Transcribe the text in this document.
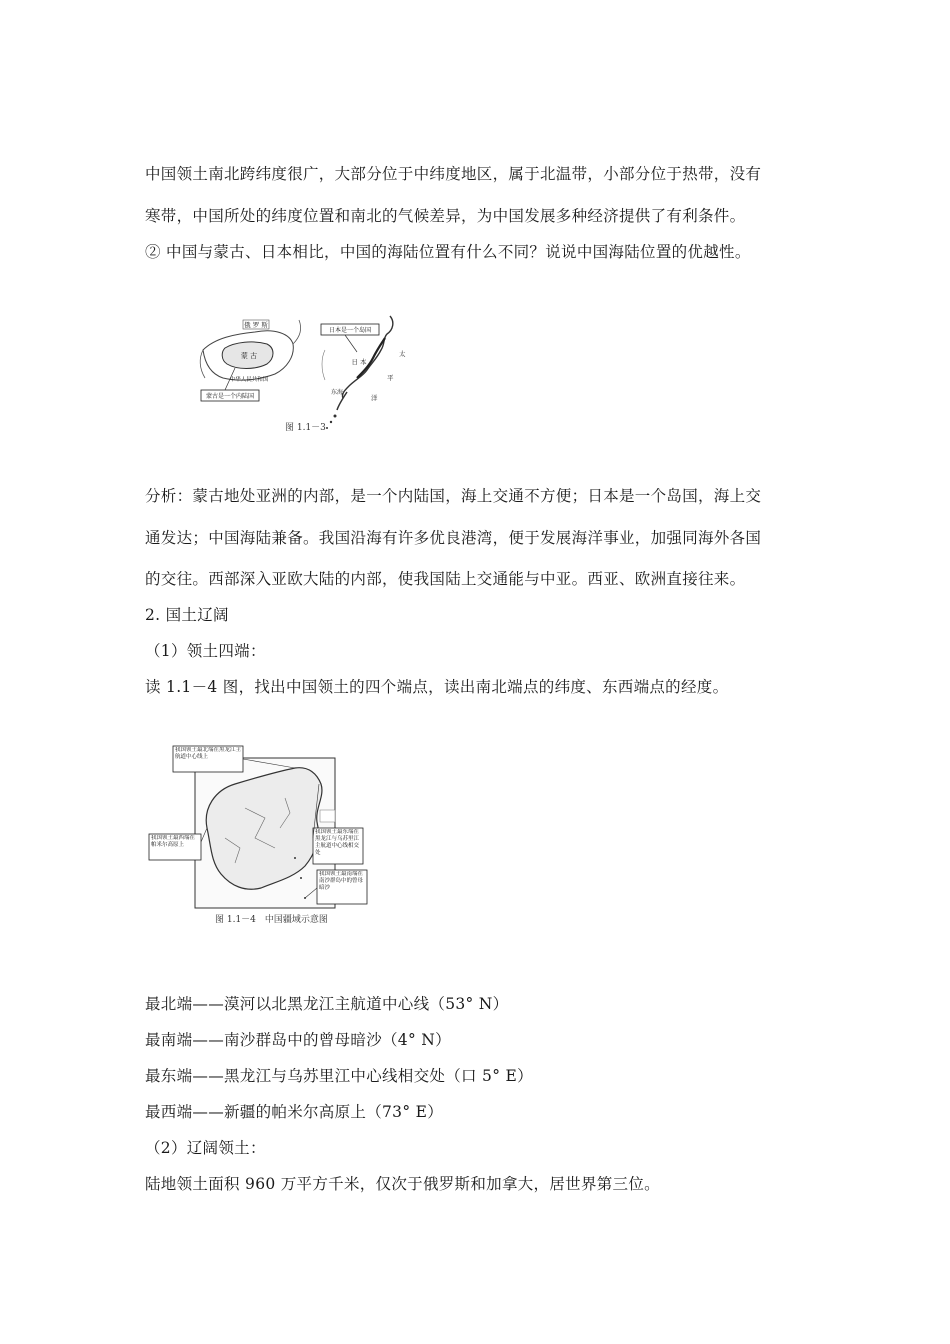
中国领土南北跨纬度很广，大部分位于中纬度地区，属于北温带，小部分位于热带，没有
寒带，中国所处的纬度位置和南北的气候差异，为中国发展多种经济提供了有利条件。
② 中国与蒙古、日本相比，中国的海陆位置有什么不同？说说中国海陆位置的优越性。
俄 罗 斯
蒙 古
中华人民共和国
蒙古是一个内陆国
日本是一个岛国
日 本
太
平
洋
东海
图 1.1－3
分析：蒙古地处亚洲的内部，是一个内陆国，海上交通不方便；日本是一个岛国，海上交
通发达；中国海陆兼备。我国沿海有许多优良港湾，便于发展海洋事业，加强同海外各国
的交往。西部深入亚欧大陆的内部，使我国陆上交通能与中亚。西亚、欧洲直接往来。
2. 国土辽阔
（1）领土四端：
读 1.1－4 图，找出中国领土的四个端点，读出南北端点的纬度、东西端点的经度。
我国领土最北端在黑龙江主航道中心线上
我国领土最东端在黑龙江与乌苏里江主航道中心线相交处
我国领土最西端在帕米尔高原上
我国领土最南端在南沙群岛中的曾母暗沙
图 1.1－4　中国疆域示意图
最北端——漠河以北黑龙江主航道中心线（53° N）
最南端——南沙群岛中的曾母暗沙（4° N）
最东端——黑龙江与乌苏里江中心线相交处（口 5° E）
最西端——新疆的帕米尔高原上（73° E）
（2）辽阔领土：
陆地领土面积 960 万平方千米，仅次于俄罗斯和加拿大，居世界第三位。
